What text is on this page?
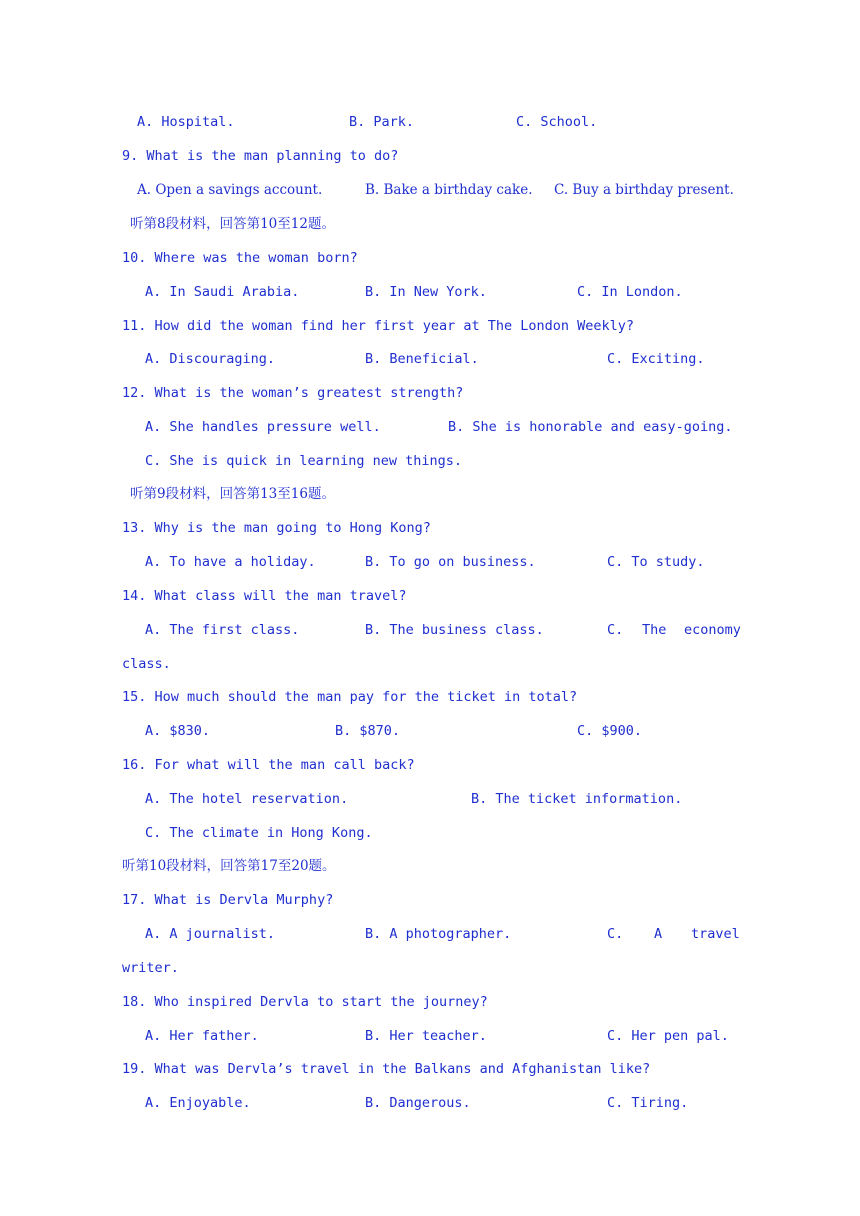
A. Hospital.	B. Park.	C. School.
9. What is the man planning to do?
A. Open a savings account.	B. Bake a birthday cake. C. Buy a birthday present.
听第8段材料，回答第10至12题。
10. Where was the woman born?
A. In Saudi Arabia.	B. In New York.	C. In London.
11. How did the woman find her first year at The London Weekly?
A. Discouraging.	B. Beneficial.	C. Exciting.
12. What is the woman’s greatest strength?
A. She handles pressure well.	B. She is honorable and easy-going.
C. She is quick in learning new things.
听第9段材料，回答第13至16题。
13. Why is the man going to Hong Kong?
A. To have a holiday.	B. To go on business.	C. To study.
14. What class will the man travel?
A. The first class.	B. The business class.	C. The economy
class.
15. How much should the man pay for the ticket in total?
A. $830.	B. $870.	C. $900.
16. For what will the man call back?
A. The hotel reservation.	B. The ticket information.
C. The climate in Hong Kong.
听第10段材料，回答第17至20题。
17. What is Dervla Murphy?
A. A journalist.	B. A photographer.	C. A travel
writer.
18. Who inspired Dervla to start the journey?
A. Her father.	B. Her teacher.	C. Her pen pal.
19. What was Dervla’s travel in the Balkans and Afghanistan like?
A. Enjoyable.	B. Dangerous.	C. Tiring.
